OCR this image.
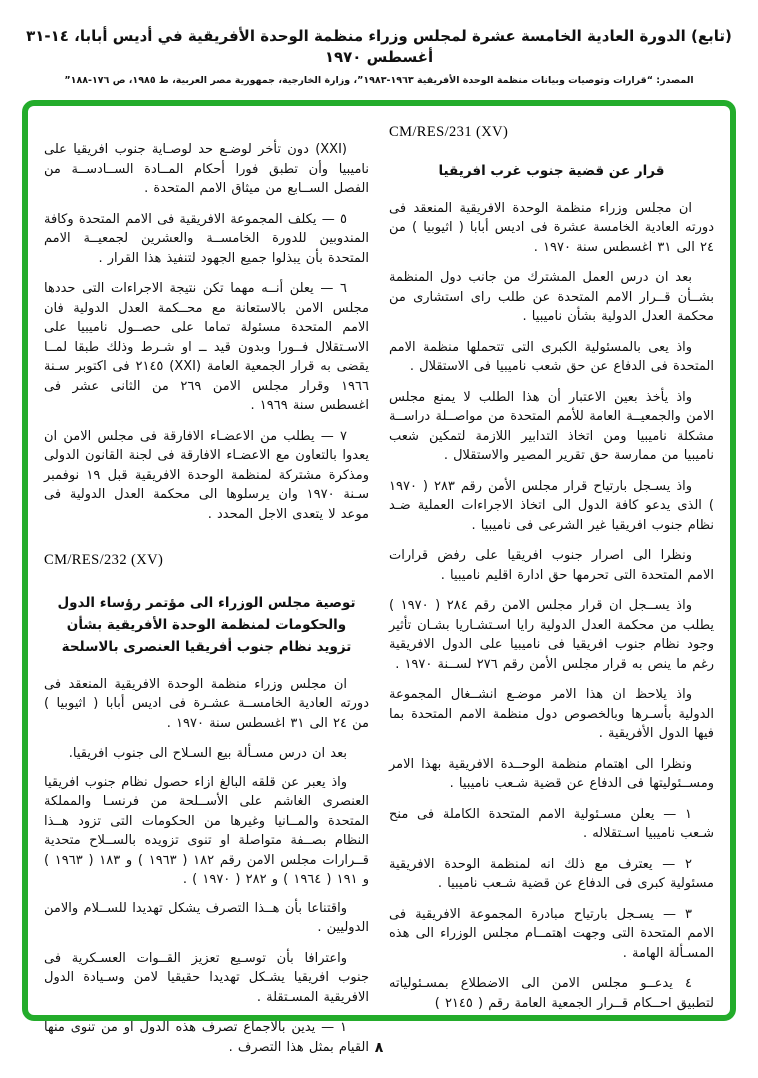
(تابع) الدورة العادية الخامسة عشرة لمجلس وزراء منظمة الوحدة الأفريقية في أديس أبابا، ١٤-٣١ أغسطس ١٩٧٠
المصدر: “قرارات وتوصيات وبيانات منظمة الوحدة الأفريقية ١٩٦٣-١٩٨٣”، وزارة الخارجية، جمهورية مصر العربية، ط ١٩٨٥، ص ١٧٦-١٨٨”

(XXI) دون تأخر لوضـع حد لوصـاية جنوب افريقيا على ناميبيا وأن تطبق فورا أحكام المــادة الســادســة من الفصل الســابع من ميثاق الامم المتحدة .

٥ — يكلف المجموعة الافريقية فى الامم المتحدة وكافة المندوبين للدورة الخامســة والعشرين لجمعيــة الامم المتحدة بأن يبذلوا جميع الجهود لتنفيذ هذا القرار .

٦ — يعلن أنــه مهما تكن نتيجة الاجراءات التى حددها مجلس الامن بالاستعانة مع محــكمة العدل الدولية فان الامم المتحدة مسئولة تماما على حصــول ناميبيا على الاسـتقلال فــورا وبدون قيد ــ او شـرط وذلك طبقا لمــا يقضى به قرار الجمعية العامة (XXI) ٢١٤٥ فى اكتوبر سـنة ١٩٦٦ وقرار مجلس الامن ٢٦٩ من الثانى عشر فى اغسطس سنة ١٩٦٩ .

٧ — يطلب من الاعضـاء الافارقة فى مجلس الامن ان يعدوا بالتعاون مع الاعضـاء الافارقة فى لجنة القانون الدولى ومذكرة مشتركة لمنظمة الوحدة الافريقية قبل ١٩ نوفمبر سـنة ١٩٧٠ وان يرسلوها الى محكمة العدل الدولية فى موعد لا يتعدى الاجل المحدد .

CM/RES/232 (XV)
توصية مجلس الوزراء الى مؤتمر رؤساء الدول
والحكومات لمنظمة الوحدة الأفريقية بشأن
تزويد نظام جنوب أفريقيا العنصرى بالاسلحة

ان مجلس وزراء منظمة الوحدة الافريقية المنعقد فى دورته العادية الخامســة عشـرة فى اديس أبابا ( اثيوبيا ) من ٢٤ الى ٣١ اغسطس سنة ١٩٧٠ .

بعد ان درس مسـألة بيع السـلاح الى جنوب افريقيا.

واذ يعبر عن قلقه البالغ ازاء حصول نظام جنوب افريقيا العنصرى الغاشم على الأســلحة من فرنسـا والمملكة المتحدة والمــانيا وغيرها من الحكومات التى تزود هــذا النظام بصــفة متواصلة او تنوى تزويده بالســلاح متحدية قــرارات مجلس الامن رقم ١٨٢ ( ١٩٦٣ ) و ١٨٣ ( ١٩٦٣ ) و ١٩١ ( ١٩٦٤ ) و ٢٨٢ ( ١٩٧٠ ) .

واقتناعا بأن هــذا التصرف يشكل تهديدا للســلام والامن الدوليين .

واعترافا بأن توسـيع تعزيز القــوات العسـكرية فى جنوب افريقيا يشـكل تهديدا حقيقيا لامن وسـيادة الدول الافريقية المسـتقلة .

١ — يدين بالاجماع تصرف هذه الدول او من تنوى منها القيام بمثل هذا التصرف .

CM/RES/231 (XV)
قرار عن قضية جنوب غرب افريقيا

ان مجلس وزراء منظمة الوحدة الافريقية المنعقد فى دورته العادية الخامسة عشرة فى اديس أبابا ( اثيوبيا ) من ٢٤ الى ٣١ اغسطس سنة ١٩٧٠ .

بعد ان درس العمل المشترك من جانب دول المنظمة بشــأن قــرار الامم المتحدة عن طلب راى استشارى من محكمة العدل الدولية بشأن ناميبيا .

واذ يعى بالمسئولية الكبرى التى تتحملها منظمة الامم المتحدة فى الدفاع عن حق شعب ناميبيا فى الاستقلال .

واذ يأخذ بعين الاعتبار أن هذا الطلب لا يمنع مجلس الامن والجمعيــة العامة للأمم المتحدة من مواصــلة دراســة مشكلة ناميبيا ومن اتخاذ التدابير اللازمة لتمكين شعب ناميبيا من ممارسة حق تقرير المصير والاستقلال .

واذ يسـجل بارتياح قرار مجلس الأمن رقم ٢٨٣ ( ١٩٧٠ ) الذى يدعو كافة الدول الى اتخاذ الاجراءات العملية ضـد نظام جنوب افريقيا غير الشرعى فى ناميبيا .

ونظرا الى اصرار جنوب افريقيا على رفض قرارات الامم المتحدة التى تحرمها حق ادارة اقليم ناميبيا .

واذ يســجل ان قرار مجلس الامن رقم ٢٨٤ ( ١٩٧٠ ) يطلب من محكمة العدل الدولية رايا اسـتشـاريا بشـان تأثير وجود نظام جنوب افريقيا فى ناميبيا على الدول الافريقية رغم ما ينص به قرار مجلس الأمن رقم ٢٧٦ لســنة ١٩٧٠ .

واذ يلاحظ ان هذا الامر موضـع انشــغال المجموعة الدولية بأسـرها وبالخصوص دول منظمة الامم المتحدة بما فيها الدول الأفريقية .

ونظرا الى اهتمام منظمة الوحــدة الافريقية بهذا الامر ومســئوليتها فى الدفاع عن قضية شـعب ناميبيا .

١ — يعلن مسـئولية الامم المتحدة الكاملة فى منح شـعب ناميبيا اسـتقلاله .

٢ — يعترف مع ذلك انه لمنظمة الوحدة الافريقية مسئولية كبرى فى الدفاع عن قضية شـعب ناميبيا .

٣ — يسـجل بارتياح مبادرة المجموعة الافريقية فى الامم المتحدة التى وجهت اهتمــام مجلس الوزراء الى هذه المسـألة الهامة .

٤ يدعــو مجلس الامن الى الاضطلاع بمسـئولياته لتطبيق احــكام قــرار الجمعية العامة رقم ( ٢١٤٥ )

٨
